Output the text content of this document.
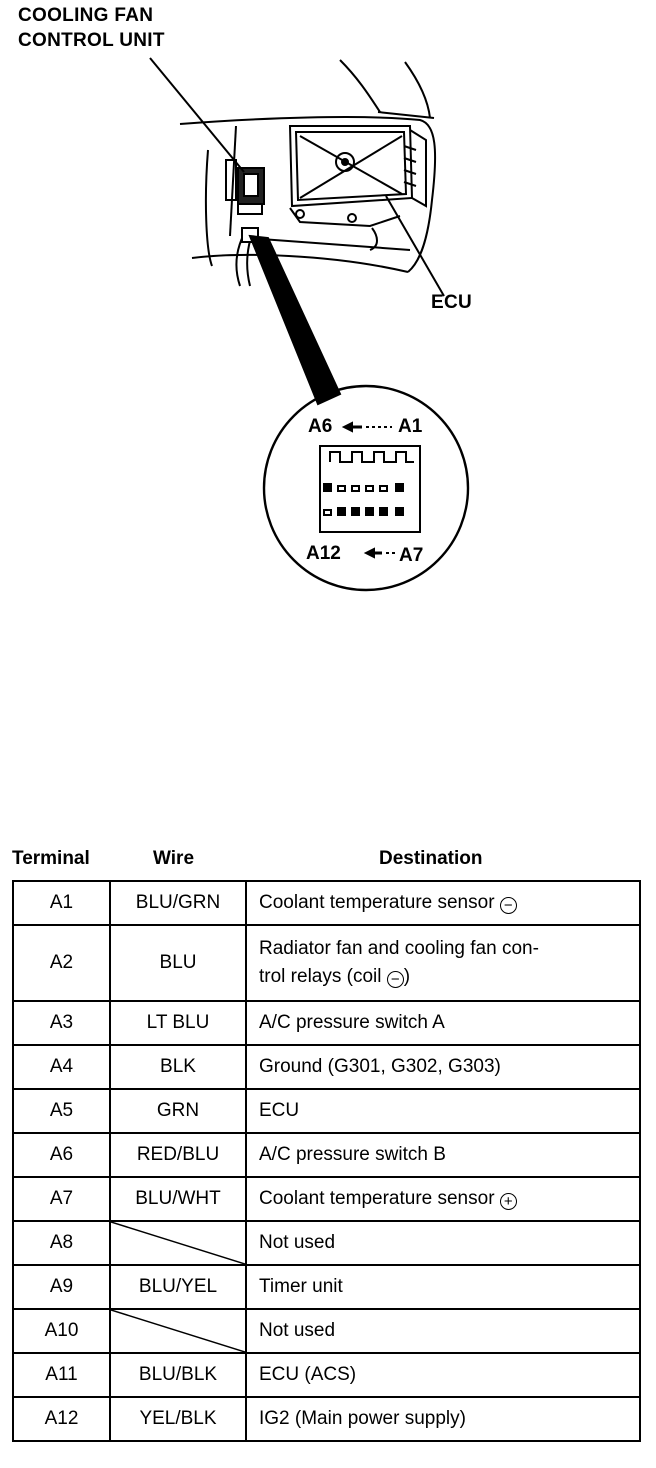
COOLING FAN
CONTROL UNIT
ECU
A6	A1
A12	A7
Terminal	Wire	Destination
A1	BLU/GRN	Coolant temperature sensor −
A2	BLU	Radiator fan and cooling fan con-
trol relays (coil − )
A3	LT BLU	A/C pressure switch A
A4	BLK	Ground (G301, G302, G303)
A5	GRN	ECU
A6	RED/BLU	A/C pressure switch B
A7	BLU/WHT	Coolant temperature sensor +
A8		Not used
A9	BLU/YEL	Timer unit
A10		Not used
A11	BLU/BLK	ECU (ACS)
A12	YEL/BLK	IG2 (Main power supply)
